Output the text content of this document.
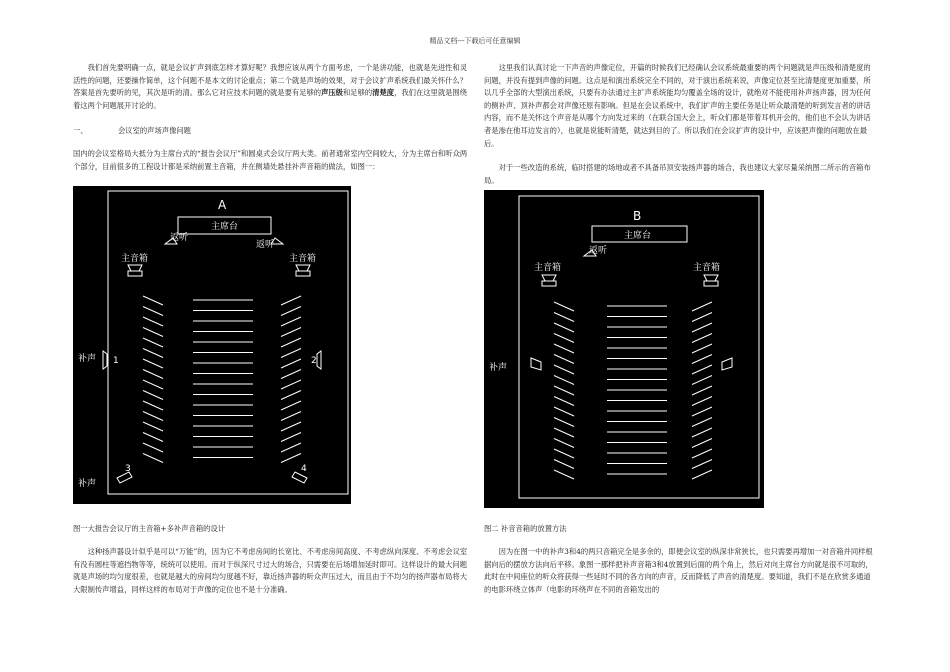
精品文档---下载后可任意编辑

我们首先要明确一点，就是会议扩声到底怎样才算好呢？我想应该从两个方面考虑，一个是讲功能，也就是先进性和灵活性的问题，还要操作简单，这个问题不是本文的讨论重点；第二个就是声场的效果，对于会议扩声系统我们最关怀什么？答案是首先要听的见，其次是听的清。那么它对应技术问题的就是要有足够的声压级和足够的清楚度，我们在这里就是围绕着这两个问题展开讨论的。

一、	会议室的声场声像问题

国内的会议室格局大抵分为主席台式的“报告会议厅”和圆桌式会议厅两大类。前者通常室内空间较大，分为主席台和听众两个部分，目前很多的工程设计都是采纳前置主音箱，并在侧墙处悬挂补声音箱的做法，如图一：

A
主席台
返听
返听
主音箱	主音箱
补声 1	2
补声
3	4
图一大报告会议厅的主音箱+多补声音箱的设计

这种扬声器设计似乎是可以“万能”的，因为它不考虑房间的长宽比、不考虑房间高度、不考虑纵向深度、不考虑会议室有没有圆柱等遮挡物等等，统统可以使用。而对于纵深尺寸过大的场合，只需要在后场增加延时即可。这样设计的最大问题就是声场的均匀度很差，也就是越大的房间均匀度越不好，靠近扬声器的听众声压过大，而且由于不均匀的扬声器布局将大大限制传声增益，同样这样的布局对于声像的定位也不是十分准确。

这里我们认真讨论一下声音的声像定位，开篇的时候我们已经确认会议系统最重要的两个问题就是声压级和清楚度的问题，并没有提到声像的问题。这点是和演出系统完全不同的，对于演出系统来说，声像定位甚至比清楚度更加重要，所以几乎全部的大型演出系统，只要有办法通过主扩声系统能均匀覆盖全场的设计，就绝对不能使用补声扬声器，因为任何的侧补声、顶补声都会对声像还原有影响。但是在会议系统中，我们扩声的主要任务是让听众最清楚的听到发言者的讲话内容，而不是关怀这个声音是从哪个方向发过来的（在联合国大会上，听众们都是带着耳机开会的，他们也不会认为讲话者是渗在他耳边发言的），也就是说能听清楚，就达到目的了。所以我们在会议扩声的设计中，应该把声像的问题放在最后。

对于一些改造的系统，临时搭建的场地或者不具备吊顶安装扬声器的场合，我也建议大家尽量采纳图二所示的音箱布局。

B
主席台
返听
主音箱	主音箱
补声
图二 补音音箱的放置方法

因为在图一中的补声3和4的两只音箱完全是多余的，即便会议室的纵深非常狭长，也只需要再增加一对音箱并同样根据向后的摆放方法向后平移。象图一那样把补声音箱3和4放置到后面的两个角上，然后对向主席台方向就是很不可取的，此时在中间座位的听众将获得一些延时不同的各方向的声音，反而降低了声音的清楚度。要知道，我们不是在欣赏多通道的电影环绕立体声（电影的环绕声在不同的音箱发出的
